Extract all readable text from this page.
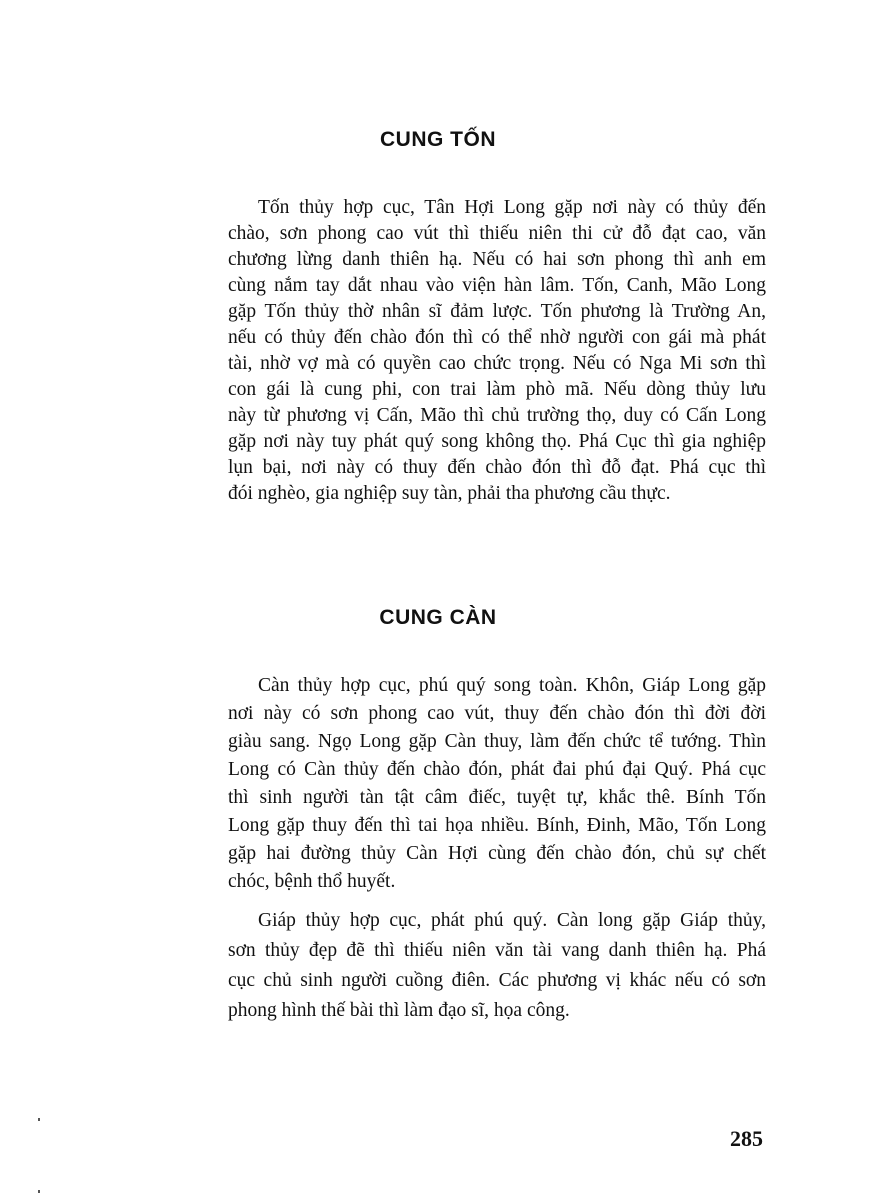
CUNG TỐN
Tốn thủy hợp cục, Tân Hợi Long gặp nơi này có thủy đến
chào, sơn phong cao vút thì thiếu niên thi cử đỗ đạt cao, văn
chương lừng danh thiên hạ. Nếu có hai sơn phong thì anh em
cùng nắm tay dắt nhau vào viện hàn lâm. Tốn, Canh, Mão Long
gặp Tốn thủy thờ nhân sĩ đảm lược. Tốn phương là Trường An,
nếu có thủy đến chào đón thì có thể nhờ người con gái mà phát
tài, nhờ vợ mà có quyền cao chức trọng. Nếu có Nga Mi sơn thì
con gái là cung phi, con trai làm phò mã. Nếu dòng thủy lưu
này từ phương vị Cấn, Mão thì chủ trường thọ, duy có Cấn Long
gặp nơi này tuy phát quý song không thọ. Phá Cục thì gia nghiệp
lụn bại, nơi này có thuy đến chào đón thì đỗ đạt. Phá cục thì
đói nghèo, gia nghiệp suy tàn, phải tha phương cầu thực.
CUNG CÀN
Càn thủy hợp cục, phú quý song toàn. Khôn, Giáp Long gặp
nơi này có sơn phong cao vút, thuy đến chào đón thì đời đời
giàu sang. Ngọ Long gặp Càn thuy, làm đến chức tể tướng. Thìn
Long có Càn thủy đến chào đón, phát đai phú đại Quý. Phá cục
thì sinh người tàn tật câm điếc, tuyệt tự, khắc thê. Bính Tốn
Long gặp thuy đến thì tai họa nhiều. Bính, Đinh, Mão, Tốn Long
gặp hai đường thủy Càn Hợi cùng đến chào đón, chủ sự chết
chóc, bệnh thổ huyết.
Giáp thủy hợp cục, phát phú quý. Càn long gặp Giáp thủy,
sơn thủy đẹp đẽ thì thiếu niên văn tài vang danh thiên hạ. Phá
cục chủ sinh người cuồng điên. Các phương vị khác nếu có sơn
phong hình thế bài thì làm đạo sĩ, họa công.
285
